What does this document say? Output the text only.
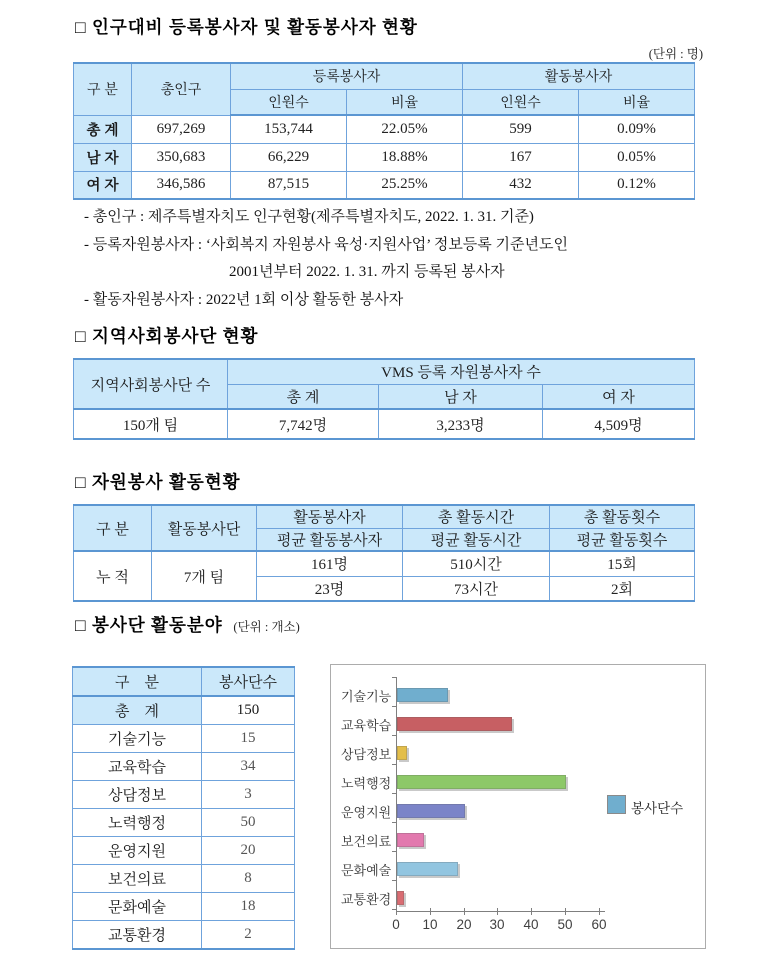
□ 인구대비 등록봉사자 및 활동봉사자 현황
(단위 : 명)
구 분	총인구	등록봉사자		활동봉사자	
		인원수	비율	인원수	비율
총 계	697,269	153,744	22.05%	599	0.09%
남 자	350,683	66,229	18.88%	167	0.05%
여 자	346,586	87,515	25.25%	432	0.12%
- 총인구 : 제주특별자치도 인구현황(제주특별자치도, 2022. 1. 31. 기준)
- 등록자원봉사자 : ‘사회복지 자원봉사 육성·지원사업’ 정보등록 기준년도인
2001년부터 2022. 1. 31. 까지 등록된 봉사자
- 활동자원봉사자 : 2022년 1회 이상 활동한 봉사자
□ 지역사회봉사단 현황
지역사회봉사단 수	VMS 등록 자원봉사자 수		
	총 계	남 자	여 자
150개 팀	7,742명	3,233명	4,509명
□ 자원봉사 활동현황
구 분	활동봉사단	활동봉사자	총 활동시간	총 활동횟수
		평균 활동봉사자	평균 활동시간	평균 활동횟수
누 적	7개 팀	161명	510시간	15회
		23명	73시간	2회
□ 봉사단 활동분야 (단위 : 개소)
구    분	봉사단수
총    계	150
기술기능	15
교육학습	34
상담정보	3
노력행정	50
운영지원	20
보건의료	8
문화예술	18
교통환경	2
기술기능
교육학습
상담정보
노력행정
운영지원
보건의료
문화예술
교통환경
봉사단수
0	10	20	30	40	50	60
